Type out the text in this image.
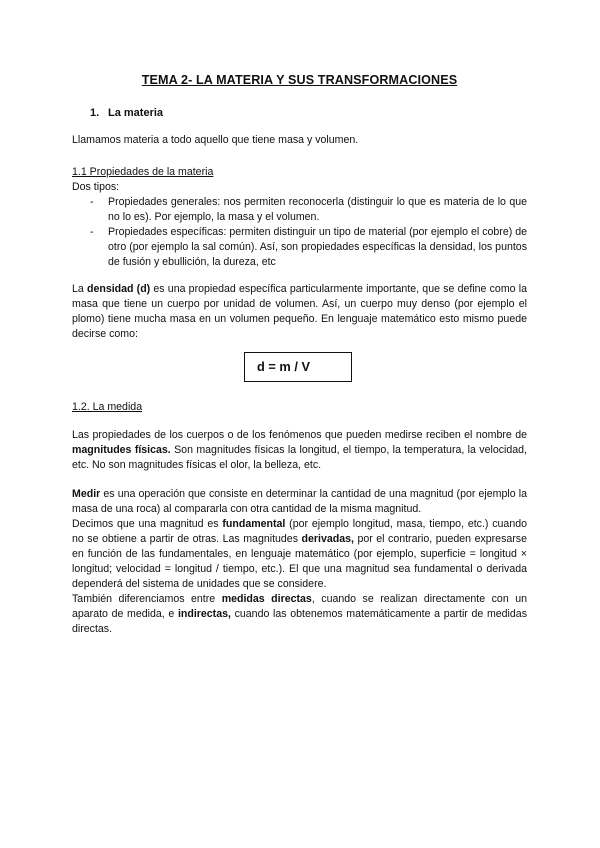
TEMA 2- LA MATERIA Y SUS TRANSFORMACIONES
1. La materia
Llamamos materia a todo aquello que tiene masa y volumen.
1.1 Propiedades de la materia
Dos tipos:

- Propiedades generales: nos permiten reconocerla (distinguir lo que es materia de lo que no lo es). Por ejemplo, la masa y el volumen.

- Propiedades específicas: permiten distinguir un tipo de material (por ejemplo el cobre) de otro (por ejemplo la sal común). Así, son propiedades específicas la densidad, los puntos de fusión y ebullición, la dureza, etc

La densidad (d) es una propiedad específica particularmente importante, que se define como la masa que tiene un cuerpo por unidad de volumen. Así, un cuerpo muy denso (por ejemplo el plomo) tiene mucha masa en un volumen pequeño. En lenguaje matemático esto mismo puede decirse como:
d = m / V
1.2. La medida
Las propiedades de los cuerpos o de los fenómenos que pueden medirse reciben el nombre de magnitudes físicas. Son magnitudes físicas la longitud, el tiempo, la temperatura, la velocidad, etc. No son magnitudes físicas el olor, la belleza, etc.
Medir es una operación que consiste en determinar la cantidad de una magnitud (por ejemplo la masa de una roca) al compararla con otra cantidad de la misma magnitud.
Decimos que una magnitud es fundamental (por ejemplo longitud, masa, tiempo, etc.) cuando no se obtiene a partir de otras. Las magnitudes derivadas, por el contrario, pueden expresarse en función de las fundamentales, en lenguaje matemático (por ejemplo, superficie = longitud × longitud; velocidad = longitud / tiempo, etc.). El que una magnitud sea fundamental o derivada dependerá del sistema de unidades que se considere.
También diferenciamos entre medidas directas, cuando se realizan directamente con un aparato de medida, e indirectas, cuando las obtenemos matemáticamente a partir de medidas directas.
